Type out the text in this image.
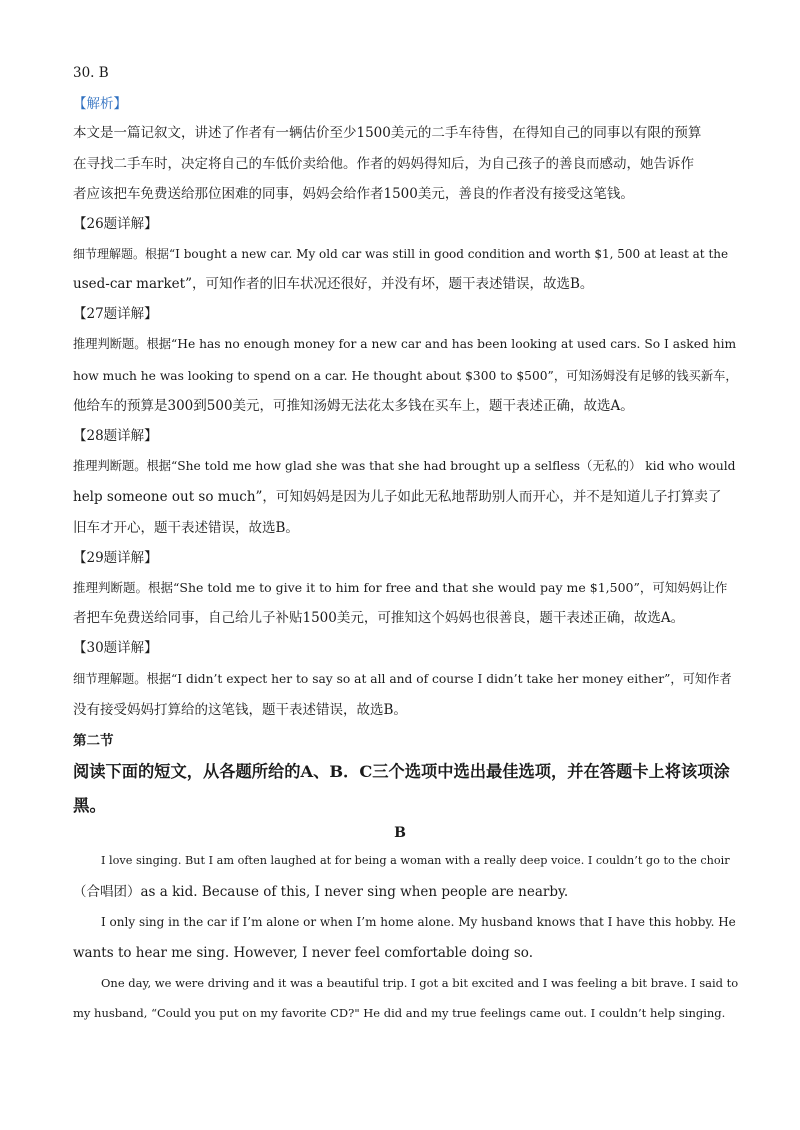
30. B
【解析】
本文是一篇记叙文，讲述了作者有一辆估价至少1500美元的二手车待售，在得知自己的同事以有限的预算
在寻找二手车时，决定将自己的车低价卖给他。作者的妈妈得知后，为自己孩子的善良而感动，她告诉作
者应该把车免费送给那位困难的同事，妈妈会给作者1500美元，善良的作者没有接受这笔钱。
【26题详解】
细节理解题。根据“I bought a new car. My old car was still in good condition and worth $1, 500 at least at the
used-car market”，可知作者的旧车状况还很好，并没有坏，题干表述错误，故选B。
【27题详解】
推理判断题。根据“He has no enough money for a new car and has been looking at used cars. So I asked him
how much he was looking to spend on a car. He thought about $300 to $500”，可知汤姆没有足够的钱买新车，
他给车的预算是300到500美元，可推知汤姆无法花太多钱在买车上，题干表述正确，故选A。
【28题详解】
推理判断题。根据“She told me how glad she was that she had brought up a selfless（无私的） kid who would
help someone out so much”，可知妈妈是因为儿子如此无私地帮助别人而开心，并不是知道儿子打算卖了
旧车才开心，题干表述错误，故选B。
【29题详解】
推理判断题。根据“She told me to give it to him for free and that she would pay me $1,500”，可知妈妈让作
者把车免费送给同事，自己给儿子补贴1500美元，可推知这个妈妈也很善良，题干表述正确，故选A。
【30题详解】
细节理解题。根据“I didn’t expect her to say so at all and of course I didn’t take her money either”，可知作者
没有接受妈妈打算给的这笔钱，题干表述错误，故选B。
第二节
阅读下面的短文，从各题所给的A、B．C三个选项中选出最佳选项，并在答题卡上将该项涂
黑。
B
I love singing. But I am often laughed at for being a woman with a really deep voice. I couldn’t go to the choir
（合唱团）as a kid. Because of this, I never sing when people are nearby.
I only sing in the car if I’m alone or when I’m home alone. My husband knows that I have this hobby. He
wants to hear me sing. However, I never feel comfortable doing so.
One day, we were driving and it was a beautiful trip. I got a bit excited and I was feeling a bit brave. I said to
my husband, “Could you put on my favorite CD?" He did and my true feelings came out. I couldn’t help singing.
